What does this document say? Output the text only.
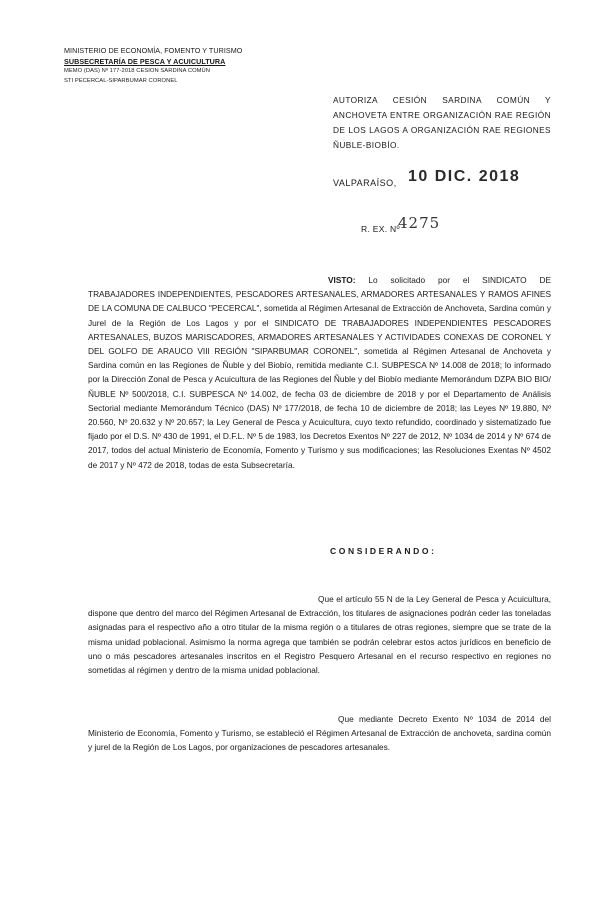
MINISTERIO DE ECONOMÍA, FOMENTO Y TURISMO
SUBSECRETARÍA DE PESCA Y ACUICULTURA
MEMO (DAS) Nº 177-2018 CESION SARDINA COMÚN
STI PECERCAL-SIPARBUMAR CORONEL
AUTORIZA CESIÓN SARDINA COMÚN Y ANCHOVETA ENTRE ORGANIZACIÓN RAE REGIÓN DE LOS LAGOS A ORGANIZACIÓN RAE REGIONES ÑUBLE-BIOBÍO.
VALPARAÍSO, 10 DIC. 2018
R. EX. Nº
4275
VISTO: Lo solicitado por el SINDICATO DE TRABAJADORES INDEPENDIENTES, PESCADORES ARTESANALES, ARMADORES ARTESANALES Y RAMOS AFINES DE LA COMUNA DE CALBUCO "PECERCAL", sometida al Régimen Artesanal de Extracción de Anchoveta, Sardina común y Jurel de la Región de Los Lagos y por el SINDICATO DE TRABAJADORES INDEPENDIENTES PESCADORES ARTESANALES, BUZOS MARISCADORES, ARMADORES ARTESANALES Y ACTIVIDADES CONEXAS DE CORONEL Y DEL GOLFO DE ARAUCO VIII REGIÓN "SIPARBUMAR CORONEL", sometida al Régimen Artesanal de Anchoveta y Sardina común en las Regiones de Ñuble y del Biobío, remitida mediante C.I. SUBPESCA Nº 14.008 de 2018; lo informado por la Dirección Zonal de Pesca y Acuicultura de las Regiones del Ñuble y del Biobío mediante Memorándum DZPA BIO BIO/ÑUBLE Nº 500/2018, C.I. SUBPESCA Nº 14.002, de fecha 03 de diciembre de 2018 y por el Departamento de Análisis Sectorial mediante Memorándum Técnico (DAS) Nº 177/2018, de fecha 10 de diciembre de 2018; las Leyes Nº 19.880, Nº 20.560, Nº 20.632 y Nº 20.657; la Ley General de Pesca y Acuicultura, cuyo texto refundido, coordinado y sistematizado fue fijado por el D.S. Nº 430 de 1991, el D.F.L. Nº 5 de 1983, los Decretos Exentos Nº 227 de 2012, Nº 1034 de 2014 y Nº 674 de 2017, todos del actual Ministerio de Economía, Fomento y Turismo y sus modificaciones; las Resoluciones Exentas Nº 4502 de 2017 y Nº 472 de 2018, todas de esta Subsecretaría.
CONSIDERANDO:
Que el artículo 55 N de la Ley General de Pesca y Acuicultura, dispone que dentro del marco del Régimen Artesanal de Extracción, los titulares de asignaciones podrán ceder las toneladas asignadas para el respectivo año a otro titular de la misma región o a titulares de otras regiones, siempre que se trate de la misma unidad poblacional. Asimismo la norma agrega que también se podrán celebrar estos actos jurídicos en beneficio de uno o más pescadores artesanales inscritos en el Registro Pesquero Artesanal en el recurso respectivo en regiones no sometidas al régimen y dentro de la misma unidad poblacional.
Que mediante Decreto Exento Nº 1034 de 2014 del Ministerio de Economía, Fomento y Turismo, se estableció el Régimen Artesanal de Extracción de anchoveta, sardina común y jurel de la Región de Los Lagos, por organizaciones de pescadores artesanales.
